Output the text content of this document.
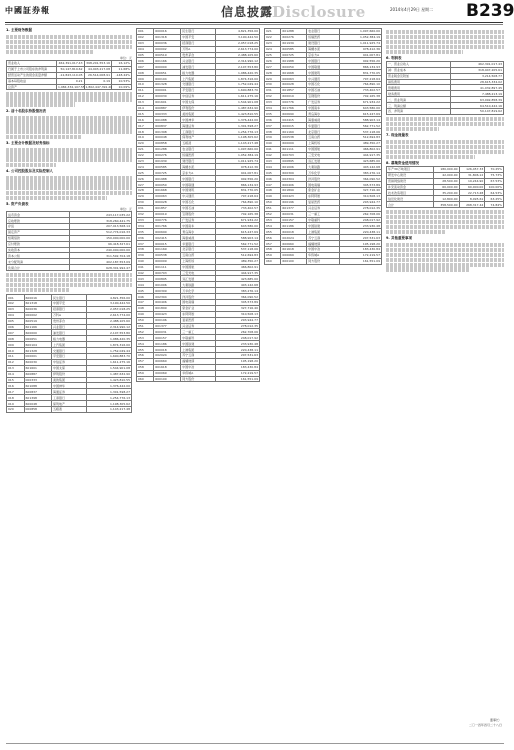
中國証券報	信息披露
Disclosure	2014年4月29日 星期二 B239
1. 主要财务数据
单位：元
营业收入	462,391,017.43	398,201,553.16	16.12%
归属于上市公司股东的净利润	50,147,819.62	44,903,217.08	11.68%
经营活动产生的现金流量净额	-12,843,110.05	26,514,008.91	-148.44%
基本每股收益	0.21	0.19	10.53%
总资产	1,984,332,107.55	1,802,447,391.20	10.09%
2. 前十名股东持股情况表
3. 主要会计数据及财务指标
4. 公司控股股东及实际控制人
5. 资产负债表
单位：元
货币资金	243,117,035.22
应收账款	318,260,441.75
存货	207,913,568.14
固定资产	512,774,016.33
短期借款	150,000,000.00
应付账款	96,418,327.61
实收资本	240,000,000.00
资本公积	311,592,704.18
未分配利润	402,187,553.09
负债合计	628,301,992.47
001	600016	民生银行	4,821,356.00
002	601318	中国平安	3,190,442.50
003	600036	招商银行	2,957,018.25
004	000002	万科A	2,613,774.00
005	600519	贵州茅台	2,488,105.60
006	601166	兴业银行	2,314,990.12
007	600000	浦发银行	2,107,553.80
008	000651	格力电器	1,986,420.35
009	600104	上汽集团	1,874,316.00
010	601328	交通银行	1,752,049.44
011	000001	平安银行	1,690,883.70
012	600030	中信证券	1,611,275.16
013	601601	中国太保	1,544,901.08
014	600887	伊利股份	1,487,632.90
015	000333	美的集团	1,423,810.55
016	601088	中国神华	1,376,442.00
017	600837	海通证券	1,301,598.27
018	601398	工商银行	1,254,776.13
019	600048	保利地产	1,198,305.62
020	000858	五粮液	1,143,217.48
001	600016	民生银行	4,821,356.00
002	601318	中国平安	3,190,442.50
003	600036	招商银行	2,957,018.25
004	000002	万科A	2,613,774.00
005	600519	贵州茅台	2,488,105.60
006	601166	兴业银行	2,314,990.12
007	600000	浦发银行	2,107,553.80
008	000651	格力电器	1,986,420.35
009	600104	上汽集团	1,874,316.00
010	601328	交通银行	1,752,049.44
011	000001	平安银行	1,690,883.70
012	600030	中信证券	1,611,275.16
013	601601	中国太保	1,544,901.08
014	600887	伊利股份	1,487,632.90
015	000333	美的集团	1,423,810.55
016	601088	中国神华	1,376,442.00
017	600837	海通证券	1,301,598.27
018	601398	工商银行	1,254,776.13
019	600048	保利地产	1,198,305.62
020	000858	五粮液	1,143,217.48
021	601288	农业银行	1,097,660.00
022	600276	恒瑞医药	1,052,384.19
023	601939	建设银行	1,011,925.74
024	600585	海螺水泥	978,412.36
025	000725	京东方A	941,007.81
026	601988	中国银行	902,556.20
027	600050	中国联通	866,134.93
028	601668	中国建筑	831,770.05
029	000063	中兴通讯	797,218.64
030	600028	中国石化	764,890.10
031	601857	中国石油	733,402.57
032	600019	宝钢股份	702,165.38
033	000776	广发证券	671,934.22
034	601766	中国南车	643,580.00
035	600690	青岛海尔	615,247.69
036	002415	海康威视	588,903.14
037	600015	华夏银行	562,771.52
038	601169	北京银行	537,118.06
039	000538	云南白药	512,694.83
040	600009	上海机场	489,350.27
041	601111	中国国航	466,802.91
042	600703	三安光电	444,917.35
043	000895	双汇发展	423,685.00
044	601006	大秦铁路	403,142.68
045	600309	万华化学	383,276.14
046	002304	洋河股份	364,090.52
047	600406	国电南瑞	345,573.89
048	601899	紫金矿业	327,716.40
049	000423	东阿阿胶	310,508.13
050	600196	复星医药	293,944.77
051	601377	兴业证券	278,012.35
052	600031	三一重工	262,708.06
053	000157	中联重科	248,017.92
054	601186	中国铁建	233,930.48
055	600018	上港集团	220,438.11
056	002024	苏宁云商	207,531.63
057	600660	福耀玻璃	195,198.20
058	601618	中国中冶	183,430.84
059	000069	华侨城A	172,219.57
060	600100	同方股份	161,551.09
021	601288	农业银行	1,097,660.00
022	600276	恒瑞医药	1,052,384.19
023	601939	建设银行	1,011,925.74
024	600585	海螺水泥	978,412.36
025	000725	京东方A	941,007.81
026	601988	中国银行	902,556.20
027	600050	中国联通	866,134.93
028	601668	中国建筑	831,770.05
029	000063	中兴通讯	797,218.64
030	600028	中国石化	764,890.10
031	601857	中国石油	733,402.57
032	600019	宝钢股份	702,165.38
033	000776	广发证券	671,934.22
034	601766	中国南车	643,580.00
035	600690	青岛海尔	615,247.69
036	002415	海康威视	588,903.14
037	600015	华夏银行	562,771.52
038	601169	北京银行	537,118.06
039	000538	云南白药	512,694.83
040	600009	上海机场	489,350.27
041	601111	中国国航	466,802.91
042	600703	三安光电	444,917.35
043	000895	双汇发展	423,685.00
044	601006	大秦铁路	403,142.68
045	600309	万华化学	383,276.14
046	002304	洋河股份	364,090.52
047	600406	国电南瑞	345,573.89
048	601899	紫金矿业	327,716.40
049	000423	东阿阿胶	310,508.13
050	600196	复星医药	293,944.77
051	601377	兴业证券	278,012.35
052	600031	三一重工	262,708.06
053	000157	中联重科	248,017.92
054	601186	中国铁建	233,930.48
055	600018	上港集团	220,438.11
056	002024	苏宁云商	207,531.63
057	600660	福耀玻璃	195,198.20
058	601618	中国中冶	183,430.84
059	000069	华侨城A	172,219.57
060	600100	同方股份	161,551.09
6. 利润表
一、营业总收入	462,391,017.43
减：营业成本	318,947,205.61
营业税金及附加	3,214,508.77
销售费用	28,615,334.02
管理费用	41,032,897.45
财务费用	7,488,213.19
二、营业利润	63,092,858.39
三、利润总额	64,510,442.16
四、净利润	50,147,819.62
7. 现金流量表
8. 募集资金使用情况
年产30万吨项目	180,000.00	126,457.33	70.25%
研发中心建设	42,000.00	31,806.12	75.73%
营销网络建设	28,500.00	19,244.90	67.53%
补充流动资金	60,000.00	60,000.00	100.00%
技术改造项目	35,200.00	22,713.48	64.53%
信息化建设	12,800.00	8,095.61	63.25%
合计	358,500.00	268,317.44	74.84%
9. 其他重要事项
董事长：
二〇一四年四月二十八日
